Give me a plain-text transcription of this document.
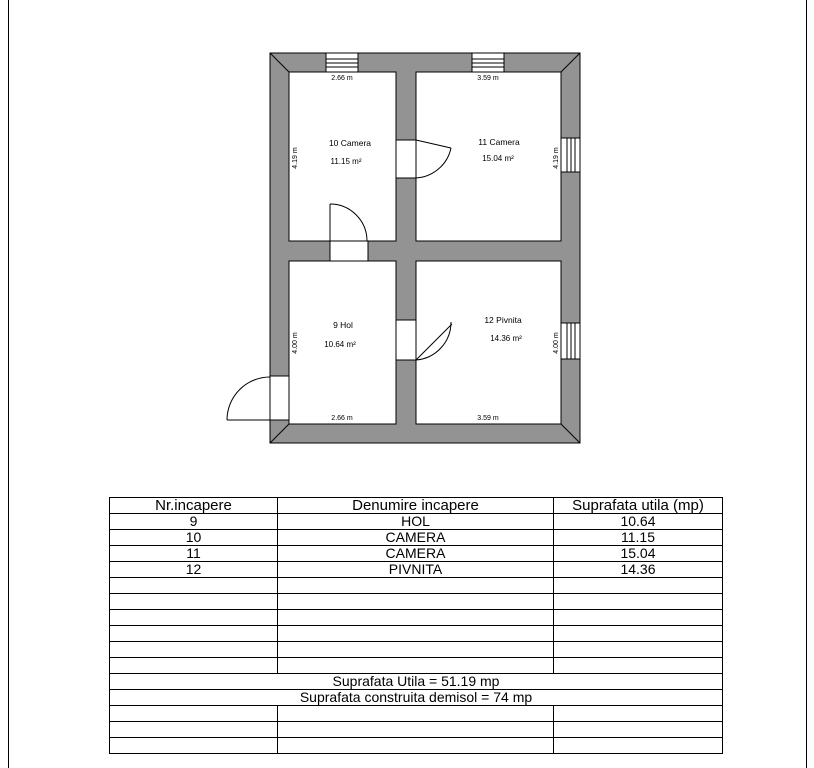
10 Camera
11.15 m²
11 Camera
15.04 m²
9 Hol
10.64 m²
12 Pivnita
14.36 m²
2.66 m	3.59 m
2.66 m	3.59 m
4.19 m	4.19 m
4.00 m	4.00 m
Nr.incapere	Denumire incapere	Suprafata utila (mp)
9	HOL	10.64
10	CAMERA	11.15
11	CAMERA	15.04
12	PIVNITA	14.36

Suprafata Utila = 51.19 mp		
Suprafata construita demisol = 74 mp		
